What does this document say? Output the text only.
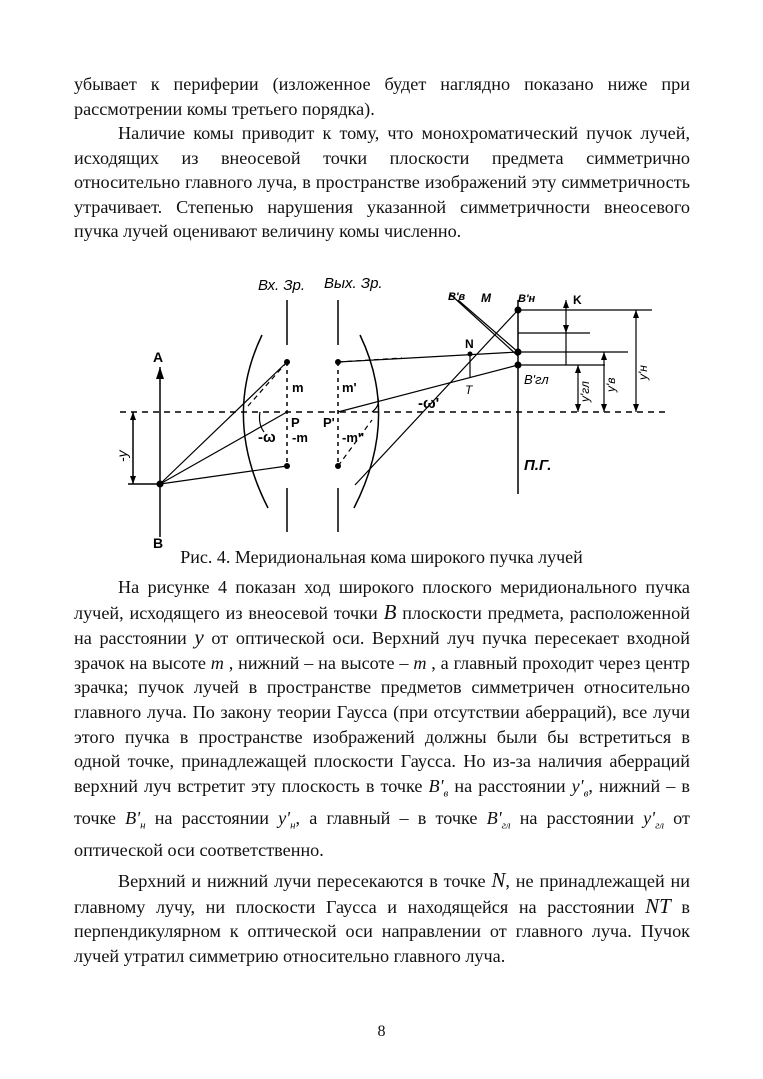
убывает к периферии (изложенное будет наглядно показано ниже при рассмотрении комы третьего порядка).

Наличие комы приводит к тому, что монохроматический пучок лучей, исходящих из внеосевой точки плоскости предмета симметрично относительно главного луча, в пространстве изображений эту симметричность утрачивает. Степенью нарушения указанной симметричности внеосевого пучка лучей оценивают величину комы численно.

Вх. Зр. Вых. Зр.
A
B
-y
m
-m
P P'
m'
-m''
-ω
-ω'
B'в M B'н	K
N
T
B'гл
y'гл y'в
y'н
П.Г.
Рис. 4. Меридиональная кома широкого пучка лучей

На рисунке 4 показан ход широкого плоского меридионального пучка лучей, исходящего из внеосевой точки B плоскости предмета, расположенной на расстоянии y от оптической оси. Верхний луч пучка пересекает входной зрачок на высоте m , нижний – на высоте – m , а главный проходит через центр зрачка; пучок лучей в пространстве предметов симметричен относительно главного луча. По закону теории Гаусса (при отсутствии аберраций), все лучи этого пучка в пространстве изображений должны были бы встретиться в одной точке, принадлежащей плоскости Гаусса. Но из-за наличия аберраций верхний луч встретит эту плоскость в точке $B'_в$ на расстоянии $y'_в$, нижний – в точке $B'_н$ на расстоянии $y'_н$, а главный – в точке $B'_{гл}$ на расстоянии $y'_{гл}$ от оптической оси соответственно.

Верхний и нижний лучи пересекаются в точке N, не принадлежащей ни главному лучу, ни плоскости Гаусса и находящейся на расстоянии NT в перпендикулярном к оптической оси направлении от главного луча. Пучок лучей утратил симметрию относительно главного луча.

8
